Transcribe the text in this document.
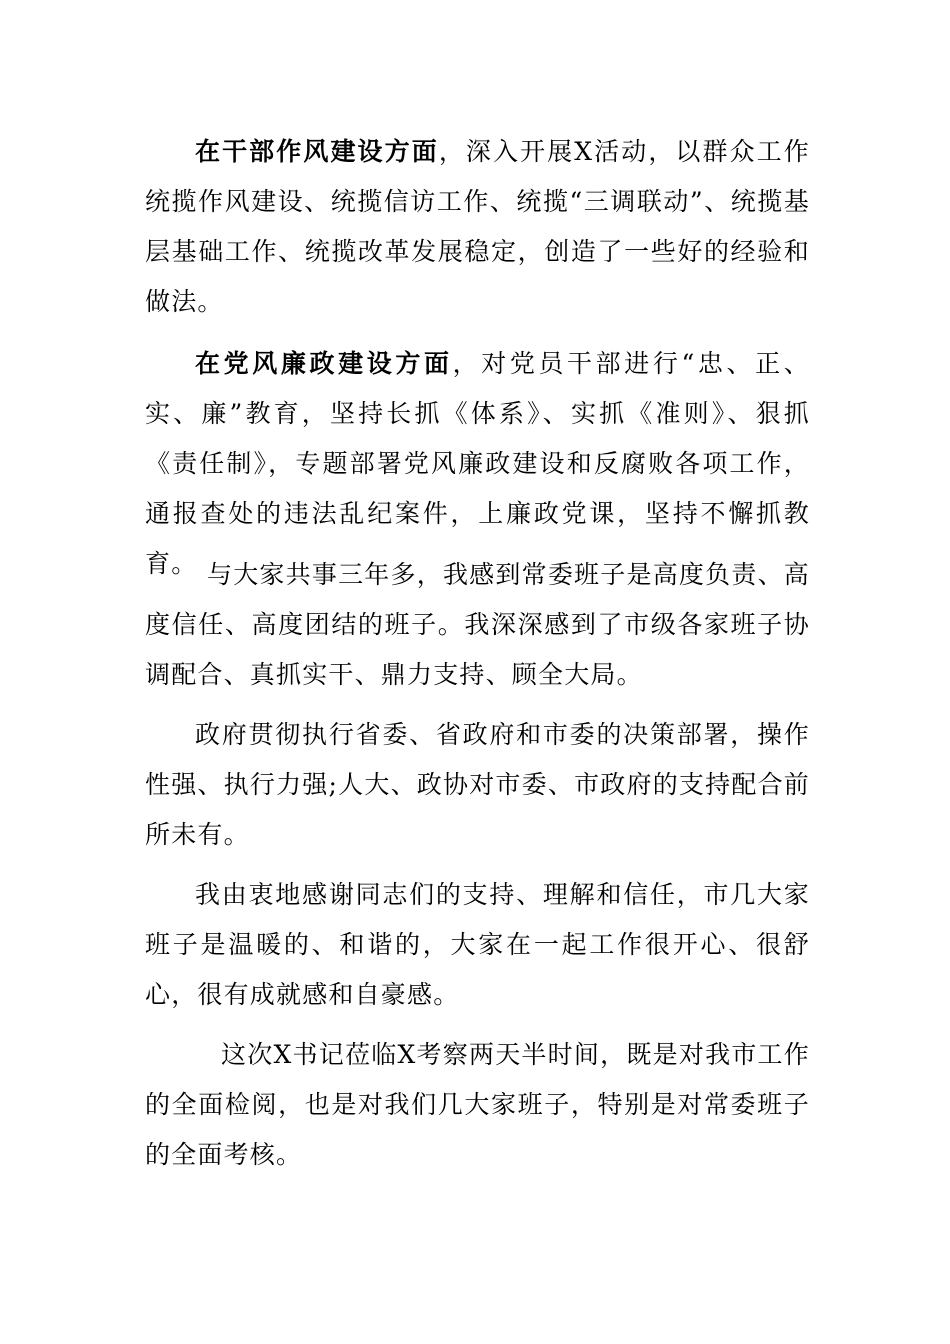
在干部作风建设方面，深入开展X活动，以群众工作统揽作风建设、统揽信访工作、统揽“三调联动”、统揽基层基础工作、统揽改革发展稳定，创造了一些好的经验和做法。

在党风廉政建设方面，对党员干部进行“忠、正、实、廉”教育，坚持长抓《体系》、实抓《准则》、狠抓《责任制》，专题部署党风廉政建设和反腐败各项工作，通报查处的违法乱纪案件，上廉政党课，坚持不懈抓教育。 与大家共事三年多，我感到常委班子是高度负责、高度信任、高度团结的班子。我深深感到了市级各家班子协调配合、真抓实干、鼎力支持、顾全大局。

政府贯彻执行省委、省政府和市委的决策部署，操作性强、执行力强;人大、政协对市委、市政府的支持配合前所未有。

我由衷地感谢同志们的支持、理解和信任，市几大家班子是温暖的、和谐的，大家在一起工作很开心、很舒心，很有成就感和自豪感。

这次X书记莅临X考察两天半时间，既是对我市工作的全面检阅，也是对我们几大家班子，特别是对常委班子的全面考核。
